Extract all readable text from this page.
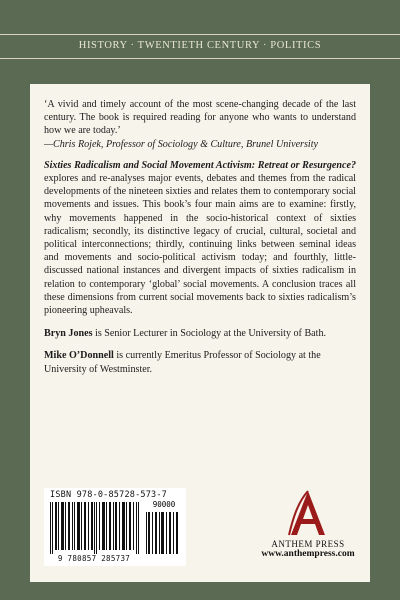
HISTORY · TWENTIETH CENTURY · POLITICS

‘A vivid and timely account of the most scene-changing decade of the last century. The book is required reading for anyone who wants to understand how we are today.’
—Chris Rojek, Professor of Sociology & Culture, Brunel University

Sixties Radicalism and Social Movement Activism: Retreat or Resurgence? explores and re-analyses major events, debates and themes from the radical developments of the nineteen sixties and relates them to contemporary social movements and issues. This book’s four main aims are to examine: firstly, why movements happened in the socio-historical context of sixties radicalism; secondly, its distinctive legacy of crucial, cultural, societal and political interconnections; thirdly, continuing links between seminal ideas and movements and socio-political activism today; and fourthly, little-discussed national instances and divergent impacts of sixties radicalism in relation to contemporary ‘global’ social movements. A conclusion traces all these dimensions from current social movements back to sixties radicalism’s pioneering upheavals.

Bryn Jones is Senior Lecturer in Sociology at the University of Bath.

Mike O’Donnell is currently Emeritus Professor of Sociology at the University of Westminster.

ISBN 978-0-85728-573-7
90000
9 780857 285737
ANTHEM PRESS
www.anthempress.com
